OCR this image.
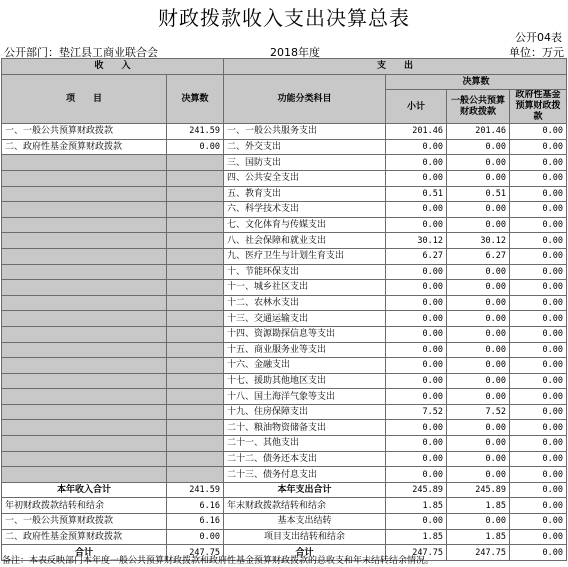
财政拨款收入支出决算总表
公开04表
公开部门：垫江县工商业联合会	2018年度	单位：万元
收　　入		支　　出			
项　　目	决算数	功能分类科目	决算数		
			小计	一般公共预算财政拨款	政府性基金预算财政拨款
一、一般公共预算财政拨款	241.59	一、一般公共服务支出	201.46	201.46	0.00
二、政府性基金预算财政拨款	0.00	二、外交支出	0.00	0.00	0.00
		三、国防支出	0.00	0.00	0.00
		四、公共安全支出	0.00	0.00	0.00
		五、教育支出	0.51	0.51	0.00
		六、科学技术支出	0.00	0.00	0.00
		七、文化体育与传媒支出	0.00	0.00	0.00
		八、社会保障和就业支出	30.12	30.12	0.00
		九、医疗卫生与计划生育支出	6.27	6.27	0.00
		十、节能环保支出	0.00	0.00	0.00
		十一、城乡社区支出	0.00	0.00	0.00
		十二、农林水支出	0.00	0.00	0.00
		十三、交通运输支出	0.00	0.00	0.00
		十四、资源勘探信息等支出	0.00	0.00	0.00
		十五、商业服务业等支出	0.00	0.00	0.00
		十六、金融支出	0.00	0.00	0.00
		十七、援助其他地区支出	0.00	0.00	0.00
		十八、国土海洋气象等支出	0.00	0.00	0.00
		十九、住房保障支出	7.52	7.52	0.00
		二十、粮油物资储备支出	0.00	0.00	0.00
		二十一、其他支出	0.00	0.00	0.00
		二十二、债务还本支出	0.00	0.00	0.00
		二十三、债务付息支出	0.00	0.00	0.00
本年收入合计	241.59	本年支出合计	245.89	245.89	0.00
年初财政拨款结转和结余	6.16	年末财政拨款结转和结余	1.85	1.85	0.00
一、一般公共预算财政拨款	6.16	基本支出结转	0.00	0.00	0.00
二、政府性基金预算财政拨款	0.00	项目支出结转和结余	1.85	1.85	0.00
合计	247.75	合计	247.75	247.75	0.00
备注：本表反映部门本年度一般公共预算财政拨款和政府性基金预算财政拨款的总收支和年末结转结余情况。
